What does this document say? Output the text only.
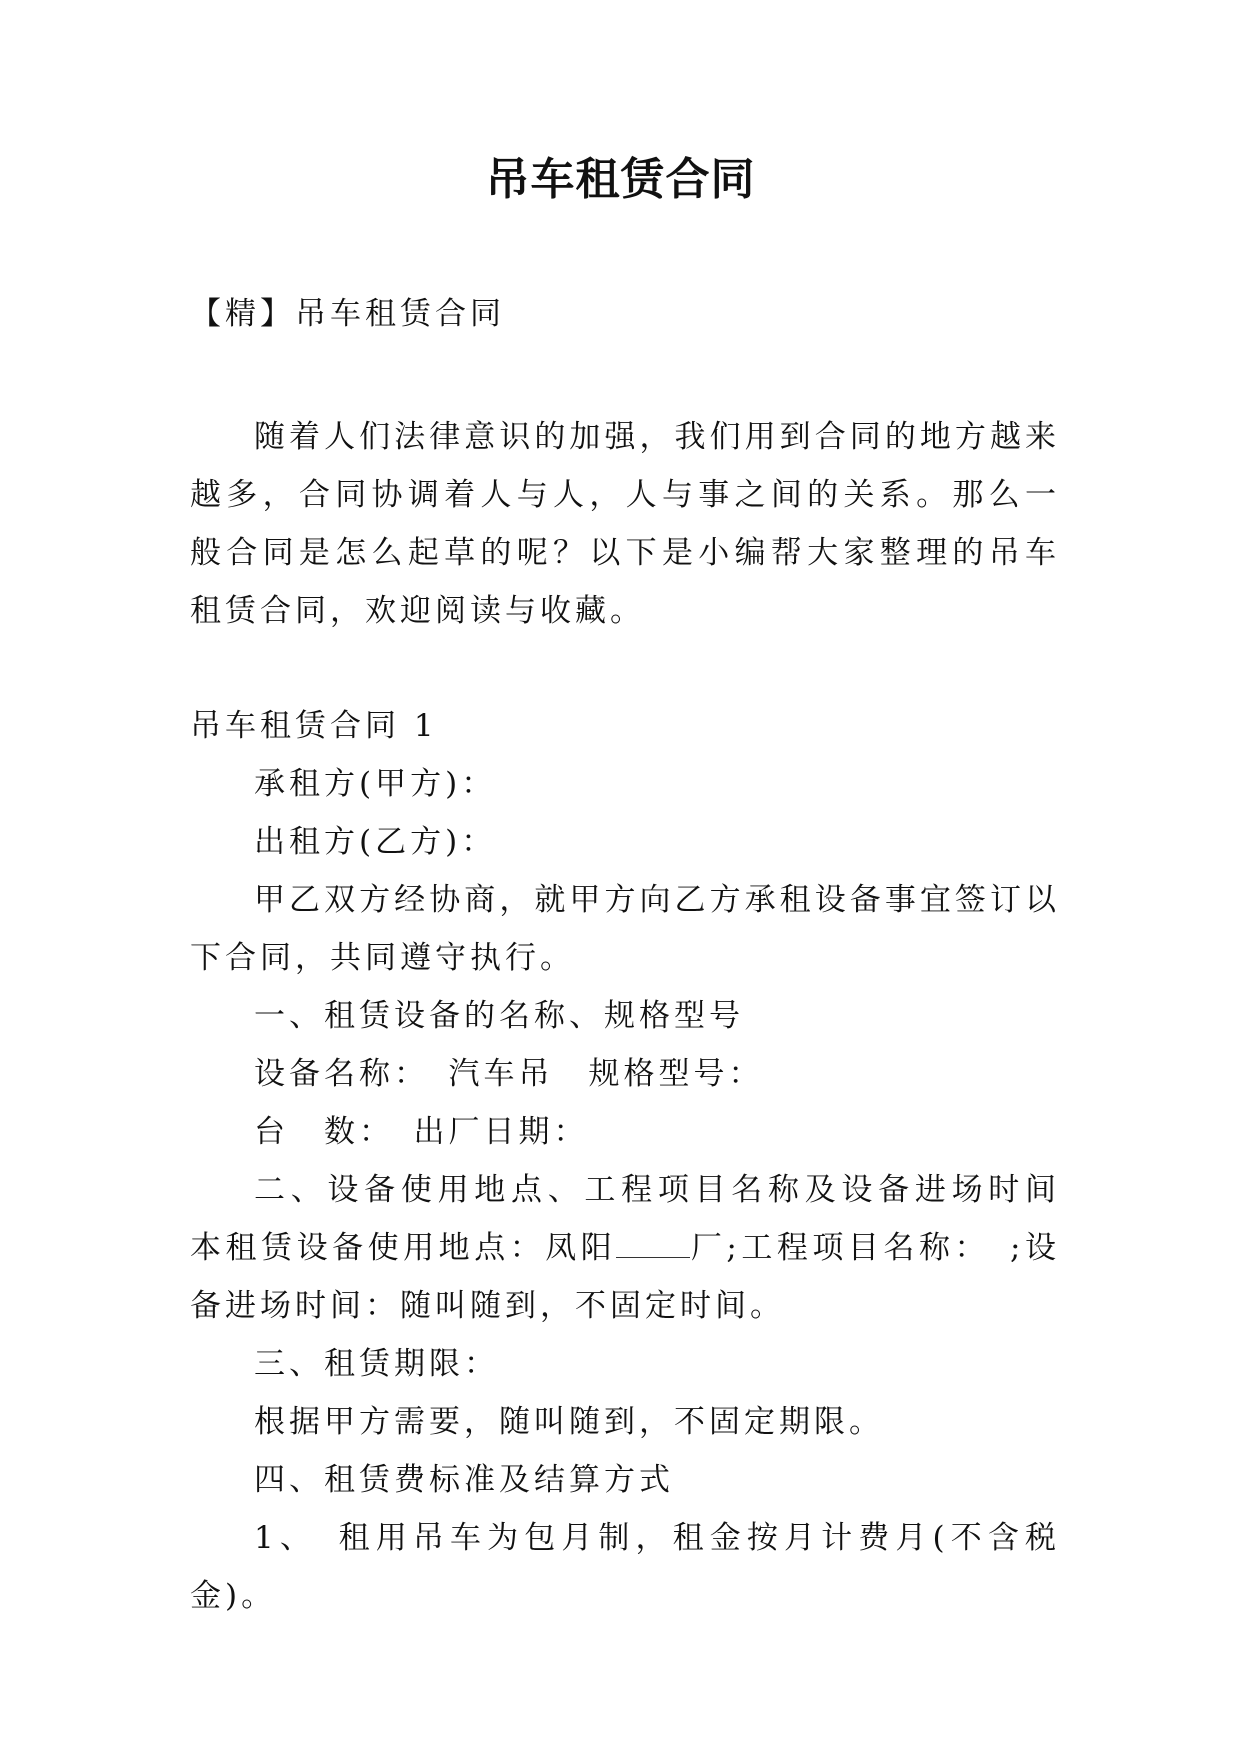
吊车租赁合同
【精】吊车租赁合同

随着人们法律意识的加强，我们用到合同的地方越来越多，合同协调着人与人，人与事之间的关系。那么一般合同是怎么起草的呢？以下是小编帮大家整理的吊车租赁合同，欢迎阅读与收藏。

吊车租赁合同 1

承租方(甲方)：

出租方(乙方)：

甲乙双方经协商，就甲方向乙方承租设备事宜签订以下合同，共同遵守执行。

一、租赁设备的名称、规格型号

设备名称：　汽车吊　规格型号：

台　数：　出厂日期：

二、设备使用地点、工程项目名称及设备进场时间　本租赁设备使用地点：凤阳 厂;工程项目名称：　;设备进场时间：随叫随到，不固定时间。

三、租赁期限：

根据甲方需要，随叫随到，不固定期限。

四、租赁费标准及结算方式

1、　租用吊车为包月制，租金按月计费月(不含税金)。
